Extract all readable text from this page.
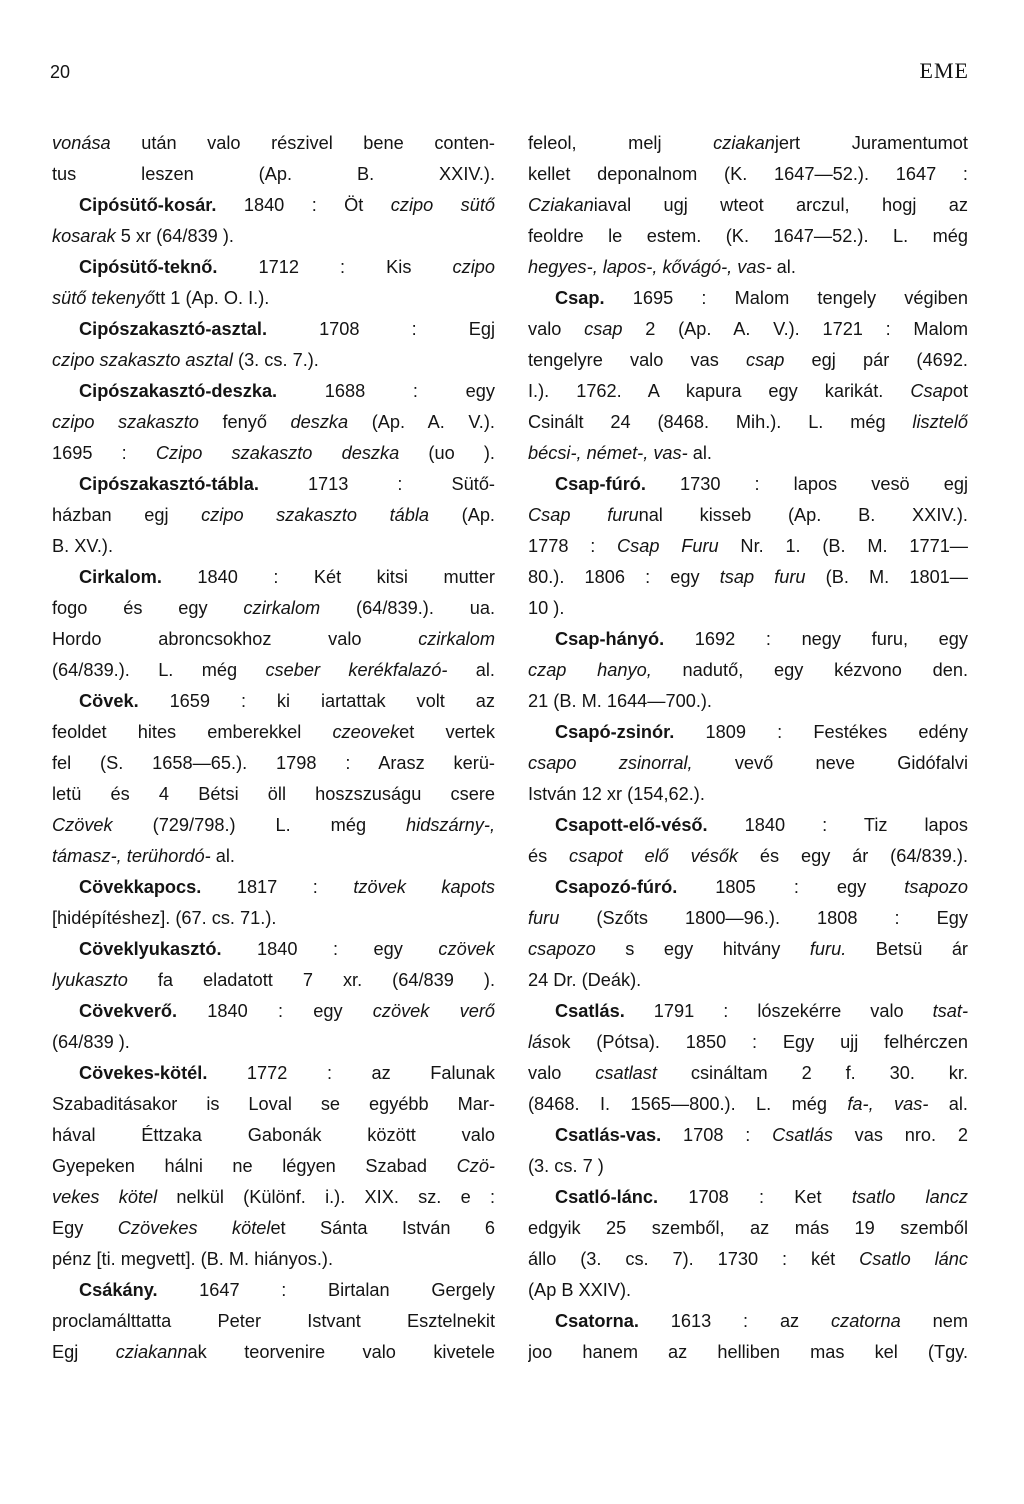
20	EME
vonása után valo részivel bene conten-
tus leszen (Ap. B. XXIV.).
Cipósütő-kosár. 1840 : Öt czipo sütő
kosarak 5 xr (64/839 ).
Cipósütő-teknő. 1712 : Kis czipo
sütő tekenyőtt 1 (Ap. O. I.).
Cipószakasztó-asztal. 1708 : Egj
czipo szakaszto asztal (3. cs. 7.).
Cipószakasztó-deszka. 1688 : egy
czipo szakaszto fenyő deszka (Ap. A. V.).
1695 : Czipo szakaszto deszka (uo ).
Cipószakasztó-tábla. 1713 : Sütő-
házban egj czipo szakaszto tábla (Ap.
B. XV.).
Cirkalom. 1840 : Két kitsi mutter
fogo és egy czirkalom (64/839.). ua.
Hordo abroncsokhoz valo czirkalom
(64/839.). L. még cseber kerékfalazó- al.
Cövek. 1659 : ki iartattak volt az
feoldet hites emberekkel czeoveket vertek
fel (S. 1658—65.). 1798 : Arasz kerü-
letü és 4 Bétsi öll hoszszuságu csere
Czövek (729/798.) L. még hidszárny-,
támasz-, terühordó- al.
Cövekkapocs. 1817 : tzövek kapots
[hidépítéshez]. (67. cs. 71.).
Cöveklyukasztó. 1840 : egy czövek
lyukaszto fa eladatott 7 xr. (64/839 ).
Cövekverő. 1840 : egy czövek verő
(64/839 ).
Cövekes-kötél. 1772 : az Falunak
Szabaditásakor is Loval se egyébb Mar-
hával Éttzaka Gabonák között valo
Gyepeken hálni ne légyen Szabad Czö-
vekes kötel nelkül (Különf. i.). XIX. sz. e :
Egy Czövekes kötelet Sánta István 6
pénz [ti. megvett]. (B. M. hiányos.).
Csákány. 1647 : Birtalan Gergely
proclamálttatta Peter Istvant Esztelnekit
Egj cziakannak teorvenire valo kivetele
feleol, melj cziakanjert Juramentumot
kellet deponalnom (K. 1647—52.). 1647 :
Cziakaniaval ugj wteot arczul, hogj az
feoldre le estem. (K. 1647—52.). L. még
hegyes-, lapos-, kővágó-, vas- al.
Csap. 1695 : Malom tengely végiben
valo csap 2 (Ap. A. V.). 1721 : Malom
tengelyre valo vas csap egj pár (4692.
I.). 1762. A kapura egy karikát. Csapot
Csinált 24 (8468. Mih.). L. még lisztelő
bécsi-, német-, vas- al.
Csap-fúró. 1730 : lapos vesö egj
Csap furunal kisseb (Ap. B. XXIV.).
1778 : Csap Furu Nr. 1. (B. M. 1771—
80.). 1806 : egy tsap furu (B. M. 1801—
10 ).
Csap-hányó. 1692 : negy furu, egy
czap hanyo, nadutő, egy kézvono den.
21 (B. M. 1644—700.).
Csapó-zsinór. 1809 : Festékes edény
csapo zsinorral, vevő neve Gidófalvi
István 12 xr (154,62.).
Csapott-elő-véső. 1840 : Tiz lapos
és csapot elő vésők és egy ár (64/839.).
Csapozó-fúró. 1805 : egy tsapozo
furu (Szőts 1800—96.). 1808 : Egy
csapozo s egy hitvány furu. Betsü ár
24 Dr. (Deák).
Csatlás. 1791 : lószekérre valo tsat-
lások (Pótsa). 1850 : Egy ujj felhérczen
valo csatlast csináltam 2 f. 30. kr.
(8468. I. 1565—800.). L. még fa-, vas- al.
Csatlás-vas. 1708 : Csatlás vas nro. 2
(3. cs. 7 )
Csatló-lánc. 1708 : Ket tsatlo lancz
edgyik 25 szemből, az más 19 szemből
állo (3. cs. 7). 1730 : két Csatlo lánc
(Ap B XXIV).
Csatorna. 1613 : az czatorna nem
joo hanem az helliben mas kel (Tgy.
